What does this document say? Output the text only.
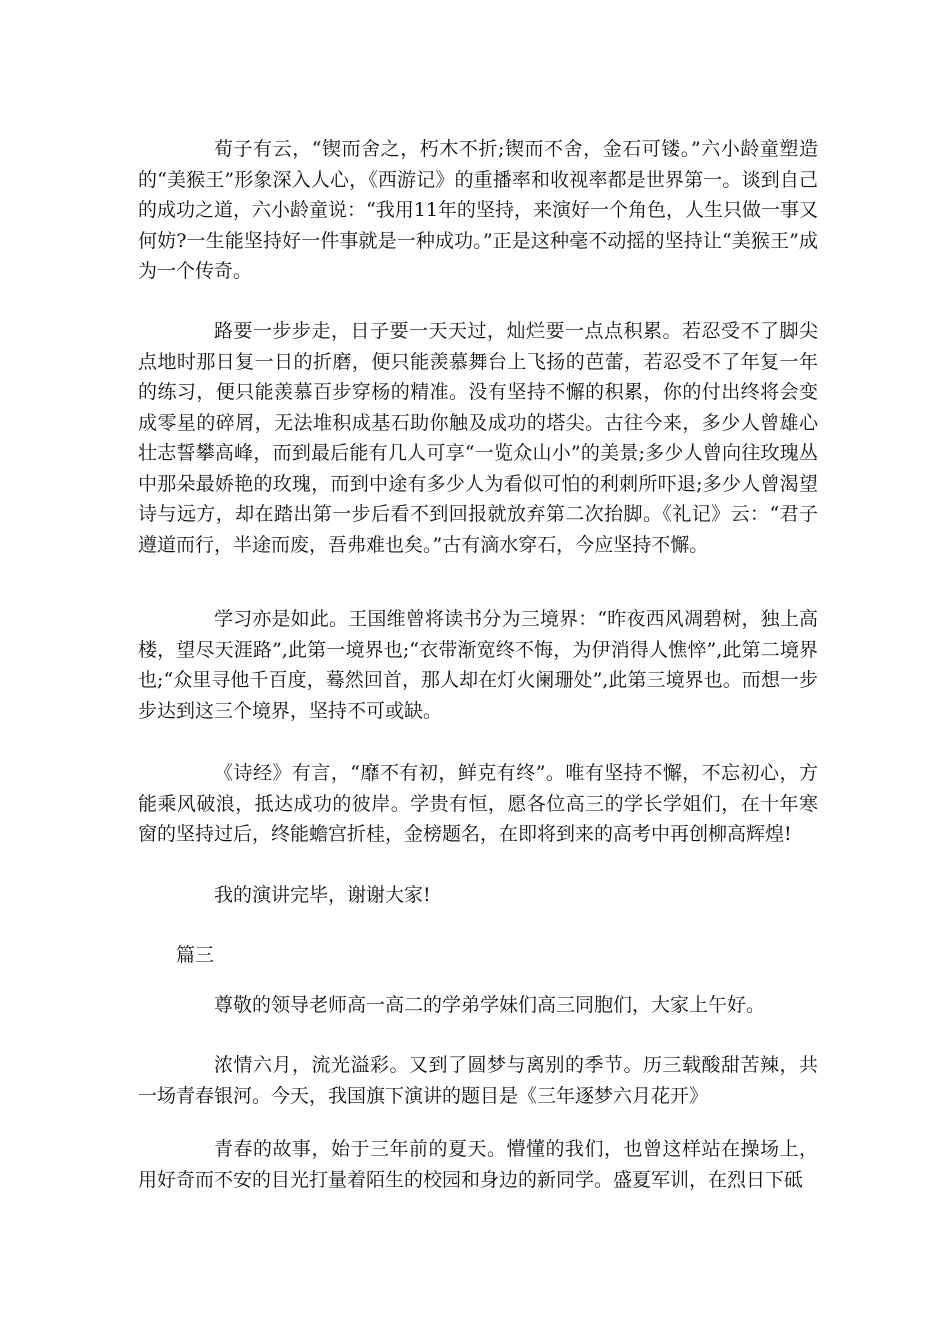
荀子有云，“锲而舍之，朽木不折;锲而不舍，金石可镂。”六小龄童塑造的“美猴王”形象深入人心，《西游记》的重播率和收视率都是世界第一。谈到自己的成功之道，六小龄童说：“我用11年的坚持，来演好一个角色，人生只做一事又何妨?一生能坚持好一件事就是一种成功。”正是这种毫不动摇的坚持让“美猴王”成为一个传奇。

路要一步步走，日子要一天天过，灿烂要一点点积累。若忍受不了脚尖点地时那日复一日的折磨，便只能羡慕舞台上飞扬的芭蕾，若忍受不了年复一年的练习，便只能羡慕百步穿杨的精准。没有坚持不懈的积累，你的付出终将会变成零星的碎屑，无法堆积成基石助你触及成功的塔尖。古往今来，多少人曾雄心壮志誓攀高峰，而到最后能有几人可享“一览众山小”的美景;多少人曾向往玫瑰丛中那朵最娇艳的玫瑰，而到中途有多少人为看似可怕的利刺所吓退;多少人曾渴望诗与远方，却在踏出第一步后看不到回报就放弃第二次抬脚。《礼记》云：“君子遵道而行，半途而废，吾弗难也矣。”古有滴水穿石，今应坚持不懈。

学习亦是如此。王国维曾将读书分为三境界：“昨夜西风凋碧树，独上高楼，望尽天涯路”,此第一境界也;“衣带渐宽终不悔，为伊消得人憔悴”,此第二境界也;“众里寻他千百度，蓦然回首，那人却在灯火阑珊处”,此第三境界也。而想一步步达到这三个境界，坚持不可或缺。

《诗经》有言，“靡不有初，鲜克有终”。唯有坚持不懈，不忘初心，方能乘风破浪，抵达成功的彼岸。学贵有恒，愿各位高三的学长学姐们，在十年寒窗的坚持过后，终能蟾宫折桂，金榜题名，在即将到来的高考中再创柳高辉煌!

我的演讲完毕，谢谢大家!

篇三

尊敬的领导老师高一高二的学弟学妹们高三同胞们，大家上午好。

浓情六月，流光溢彩。又到了圆梦与离别的季节。历三载酸甜苦辣，共一场青春银河。今天，我国旗下演讲的题目是《三年逐梦六月花开》

青春的故事，始于三年前的夏天。懵懂的我们，也曾这样站在操场上，用好奇而不安的目光打量着陌生的校园和身边的新同学。盛夏军训，在烈日下砥
